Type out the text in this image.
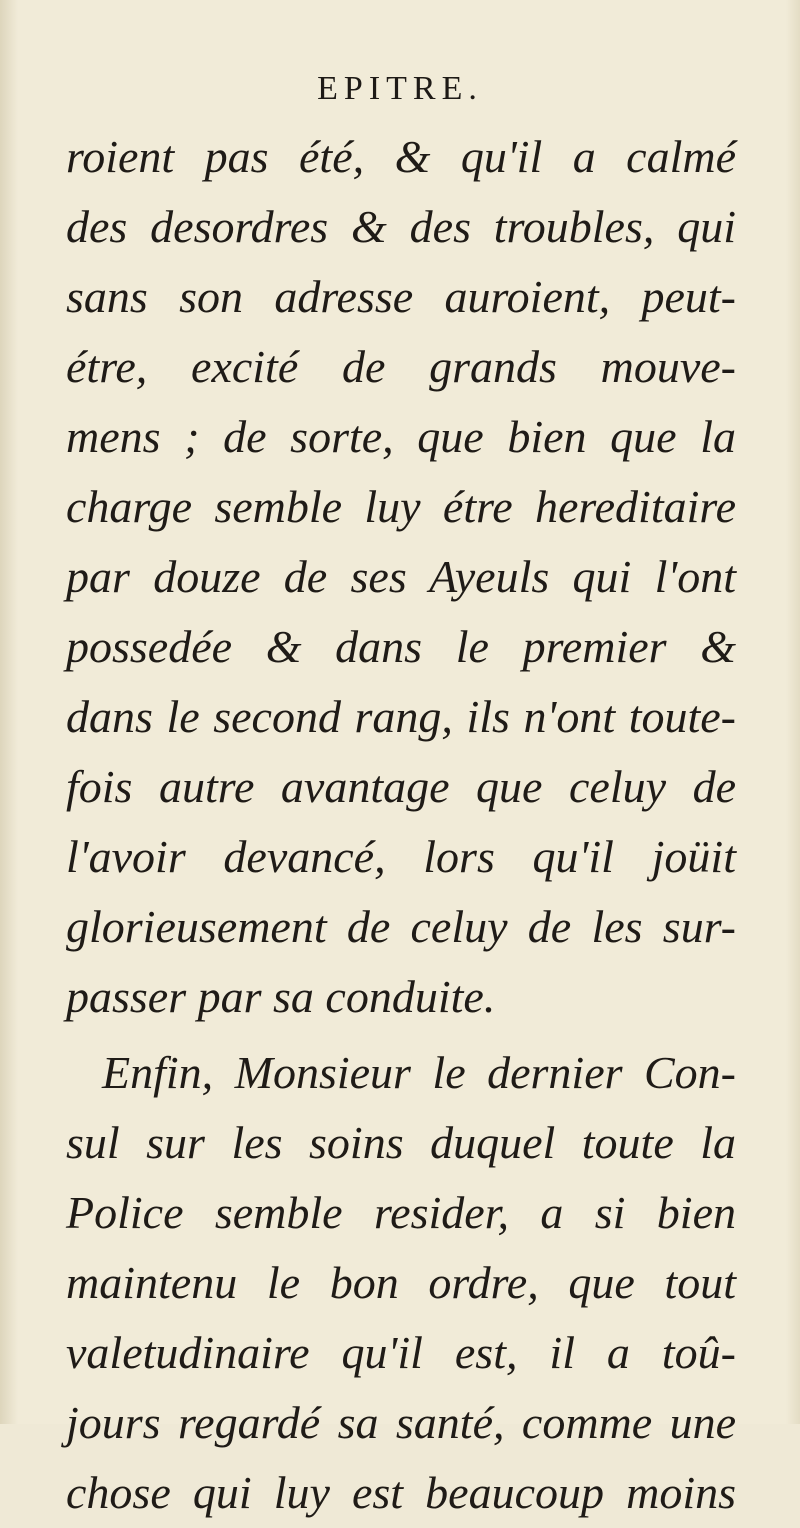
EPITRE.
roient pas été, & qu'il a calmé
des desordres & des troubles, qui
sans son adresse auroient, peut-
étre, excité de grands mouve-
mens ; de sorte, que bien que la
charge semble luy étre hereditaire
par douze de ses Ayeuls qui l'ont
possedée & dans le premier &
dans le second rang, ils n'ont toute-
fois autre avantage que celuy de
l'avoir devancé, lors qu'il joüit
glorieusement de celuy de les sur-
passer par sa conduite.
Enfin, Monsieur le dernier Con-
sul sur les soins duquel toute la
Police semble resider, a si bien
maintenu le bon ordre, que tout
valetudinaire qu'il est, il a toû-
jours regardé sa santé, comme une
chose qui luy est beaucoup moins
